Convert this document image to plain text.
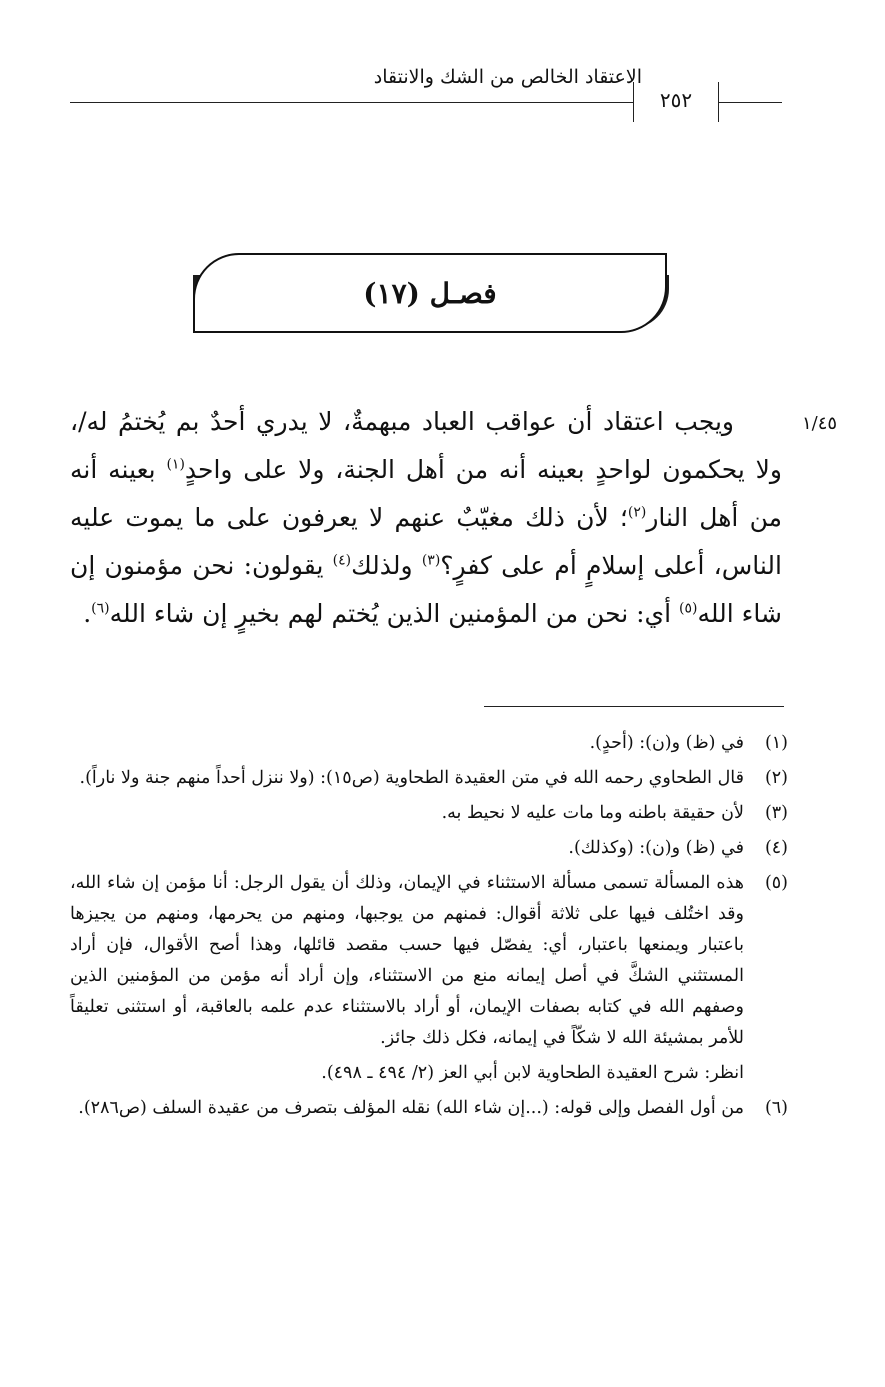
الاعتقاد الخالص من الشك والانتقاد
٢٥٢
فصـل (١٧)
١/٤٥
ويجب اعتقاد أن عواقب العباد مبهمةٌ، لا يدري أحدٌ بم يُختمُ له/، ولا يحكمون لواحدٍ بعينه أنه من أهل الجنة، ولا على واحدٍ$^{(١)}$ بعينه أنه من أهل النار$^{(٢)}$؛ لأن ذلك مغيّبٌ عنهم لا يعرفون على ما يموت عليه الناس، أعلى إسلامٍ أم على كفرٍ؟$^{(٣)}$ ولذلك$^{(٤)}$ يقولون: نحن مؤمنون إن شاء الله$^{(٥)}$ أي: نحن من المؤمنين الذين يُختم لهم بخيرٍ إن شاء الله$^{(٦)}$.
(١)
في (ظ) و(ن): (أحدٍ).
(٢)
قال الطحاوي رحمه الله في متن العقيدة الطحاوية (ص١٥): (ولا ننزل أحداً منهم جنة ولا ناراً).
(٣)
لأن حقيقة باطنه وما مات عليه لا نحيط به.
(٤)
في (ظ) و(ن): (وكذلك).
(٥)
هذه المسألة تسمى مسألة الاستثناء في الإيمان، وذلك أن يقول الرجل: أنا مؤمن إن شاء الله، وقد اختُلف فيها على ثلاثة أقوال: فمنهم من يوجبها، ومنهم من يحرمها، ومنهم من يجيزها باعتبار ويمنعها باعتبار، أي: يفصّل فيها حسب مقصد قائلها، وهذا أصح الأقوال، فإن أراد المستثني الشكَّ في أصل إيمانه منع من الاستثناء، وإن أراد أنه مؤمن من المؤمنين الذين وصفهم الله في كتابه بصفات الإيمان، أو أراد بالاستثناء عدم علمه بالعاقبة، أو استثنى تعليقاً للأمر بمشيئة الله لا شكّاً في إيمانه، فكل ذلك جائز.
انظر: شرح العقيدة الطحاوية لابن أبي العز (٢/ ٤٩٤ ـ ٤٩٨).
(٦)
من أول الفصل وإلى قوله: (...إن شاء الله) نقله المؤلف بتصرف من عقيدة السلف (ص٢٨٦).
